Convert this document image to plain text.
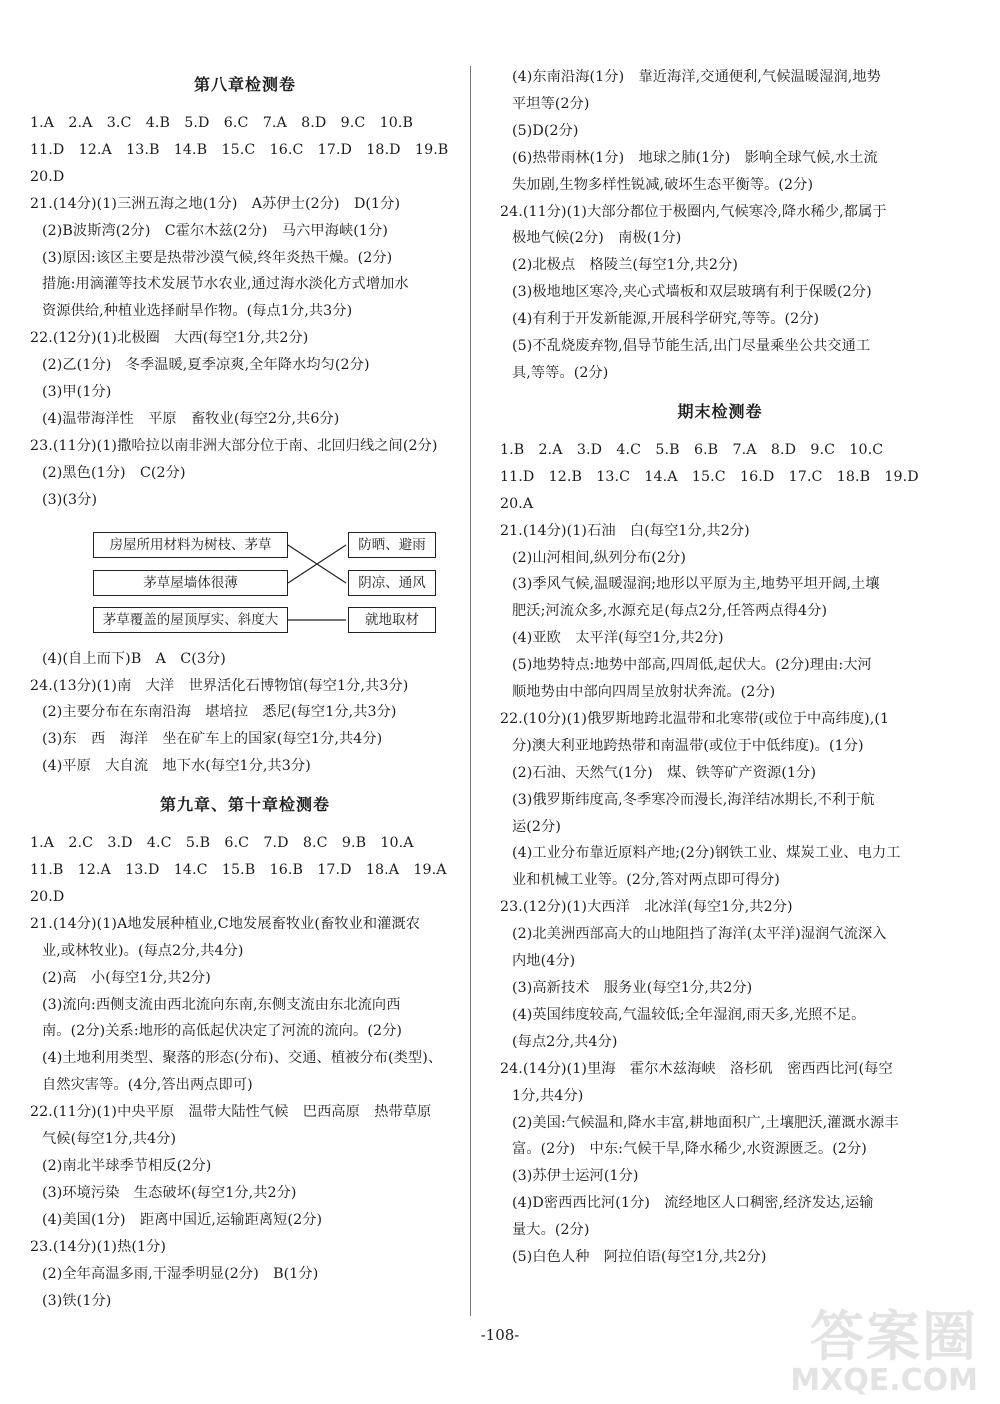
第八章检测卷
1.A　2.A　3.C　4.B　5.D　6.C　7.A　8.D　9.C　10.B
11.D　12.A　13.B　14.B　15.C　16.C　17.D　18.D　19.B
20.D
21.(14分)(1)三洲五海之地(1分)　A苏伊士(2分)　D(1分)
(2)B波斯湾(2分)　C霍尔木兹(2分)　马六甲海峡(1分)
(3)原因:该区主要是热带沙漠气候,终年炎热干燥。(2分)
措施:用滴灌等技术发展节水农业,通过海水淡化方式增加水
资源供给,种植业选择耐旱作物。(每点1分,共3分)
22.(12分)(1)北极圈　大西(每空1分,共2分)
(2)乙(1分)　冬季温暖,夏季凉爽,全年降水均匀(2分)
(3)甲(1分)
(4)温带海洋性　平原　畜牧业(每空2分,共6分)
23.(11分)(1)撒哈拉以南非洲大部分位于南、北回归线之间(2分)
(2)黑色(1分)　C(2分)
(3)(3分)
房屋所用材料为树枝、茅草
茅草屋墙体很薄
茅草覆盖的屋顶厚实、斜度大
防晒、避雨
阴凉、通风
就地取材
(4)(自上而下)B　A　C(3分)
24.(13分)(1)南　大洋　世界活化石博物馆(每空1分,共3分)
(2)主要分布在东南沿海　堪培拉　悉尼(每空1分,共3分)
(3)东　西　海洋　坐在矿车上的国家(每空1分,共4分)
(4)平原　大自流　地下水(每空1分,共3分)
第九章、第十章检测卷
1.A　2.C　3.D　4.C　5.B　6.C　7.D　8.C　9.B　10.A
11.B　12.A　13.D　14.C　15.B　16.B　17.D　18.A　19.A
20.D
21.(14分)(1)A地发展种植业,C地发展畜牧业(畜牧业和灌溉农
业,或林牧业)。(每点2分,共4分)
(2)高　小(每空1分,共2分)
(3)流向:西侧支流由西北流向东南,东侧支流由东北流向西
南。(2分)关系:地形的高低起伏决定了河流的流向。(2分)
(4)土地利用类型、聚落的形态(分布)、交通、植被分布(类型)、
自然灾害等。(4分,答出两点即可)
22.(11分)(1)中央平原　温带大陆性气候　巴西高原　热带草原
气候(每空1分,共4分)
(2)南北半球季节相反(2分)
(3)环境污染　生态破坏(每空1分,共2分)
(4)美国(1分)　距离中国近,运输距离短(2分)
23.(14分)(1)热(1分)
(2)全年高温多雨,干湿季明显(2分)　B(1分)
(3)铁(1分)
(4)东南沿海(1分)　靠近海洋,交通便利,气候温暖湿润,地势
平坦等(2分)
(5)D(2分)
(6)热带雨林(1分)　地球之肺(1分)　影响全球气候,水土流
失加剧,生物多样性锐减,破坏生态平衡等。(2分)
24.(11分)(1)大部分都位于极圈内,气候寒冷,降水稀少,都属于
极地气候(2分)　南极(1分)
(2)北极点　格陵兰(每空1分,共2分)
(3)极地地区寒冷,夹心式墙板和双层玻璃有利于保暖(2分)
(4)有利于开发新能源,开展科学研究,等等。(2分)
(5)不乱烧废弃物,倡导节能生活,出门尽量乘坐公共交通工
具,等等。(2分)
期末检测卷
1.B　2.A　3.D　4.C　5.B　6.B　7.A　8.D　9.C　10.C
11.D　12.B　13.C　14.A　15.C　16.D　17.C　18.B　19.D
20.A
21.(14分)(1)石油　白(每空1分,共2分)
(2)山河相间,纵列分布(2分)
(3)季风气候,温暖湿润;地形以平原为主,地势平坦开阔,土壤
肥沃;河流众多,水源充足(每点2分,任答两点得4分)
(4)亚欧　太平洋(每空1分,共2分)
(5)地势特点:地势中部高,四周低,起伏大。(2分)理由:大河
顺地势由中部向四周呈放射状奔流。(2分)
22.(10分)(1)俄罗斯地跨北温带和北寒带(或位于中高纬度),(1
分)澳大利亚地跨热带和南温带(或位于中低纬度)。(1分)
(2)石油、天然气(1分)　煤、铁等矿产资源(1分)
(3)俄罗斯纬度高,冬季寒冷而漫长,海洋结冰期长,不利于航
运(2分)
(4)工业分布靠近原料产地;(2分)钢铁工业、煤炭工业、电力工
业和机械工业等。(2分,答对两点即可得分)
23.(12分)(1)大西洋　北冰洋(每空1分,共2分)
(2)北美洲西部高大的山地阻挡了海洋(太平洋)湿润气流深入
内地(4分)
(3)高新技术　服务业(每空1分,共2分)
(4)英国纬度较高,气温较低;全年湿润,雨天多,光照不足。
(每点2分,共4分)
24.(14分)(1)里海　霍尔木兹海峡　洛杉矶　密西西比河(每空
1分,共4分)
(2)美国:气候温和,降水丰富,耕地面积广,土壤肥沃,灌溉水源丰
富。(2分)　中东:气候干旱,降水稀少,水资源匮乏。(2分)
(3)苏伊士运河(1分)
(4)D密西西比河(1分)　流经地区人口稠密,经济发达,运输
量大。(2分)
(5)白色人种　阿拉伯语(每空1分,共2分)
-108-	答案圈
MXQE.COM
